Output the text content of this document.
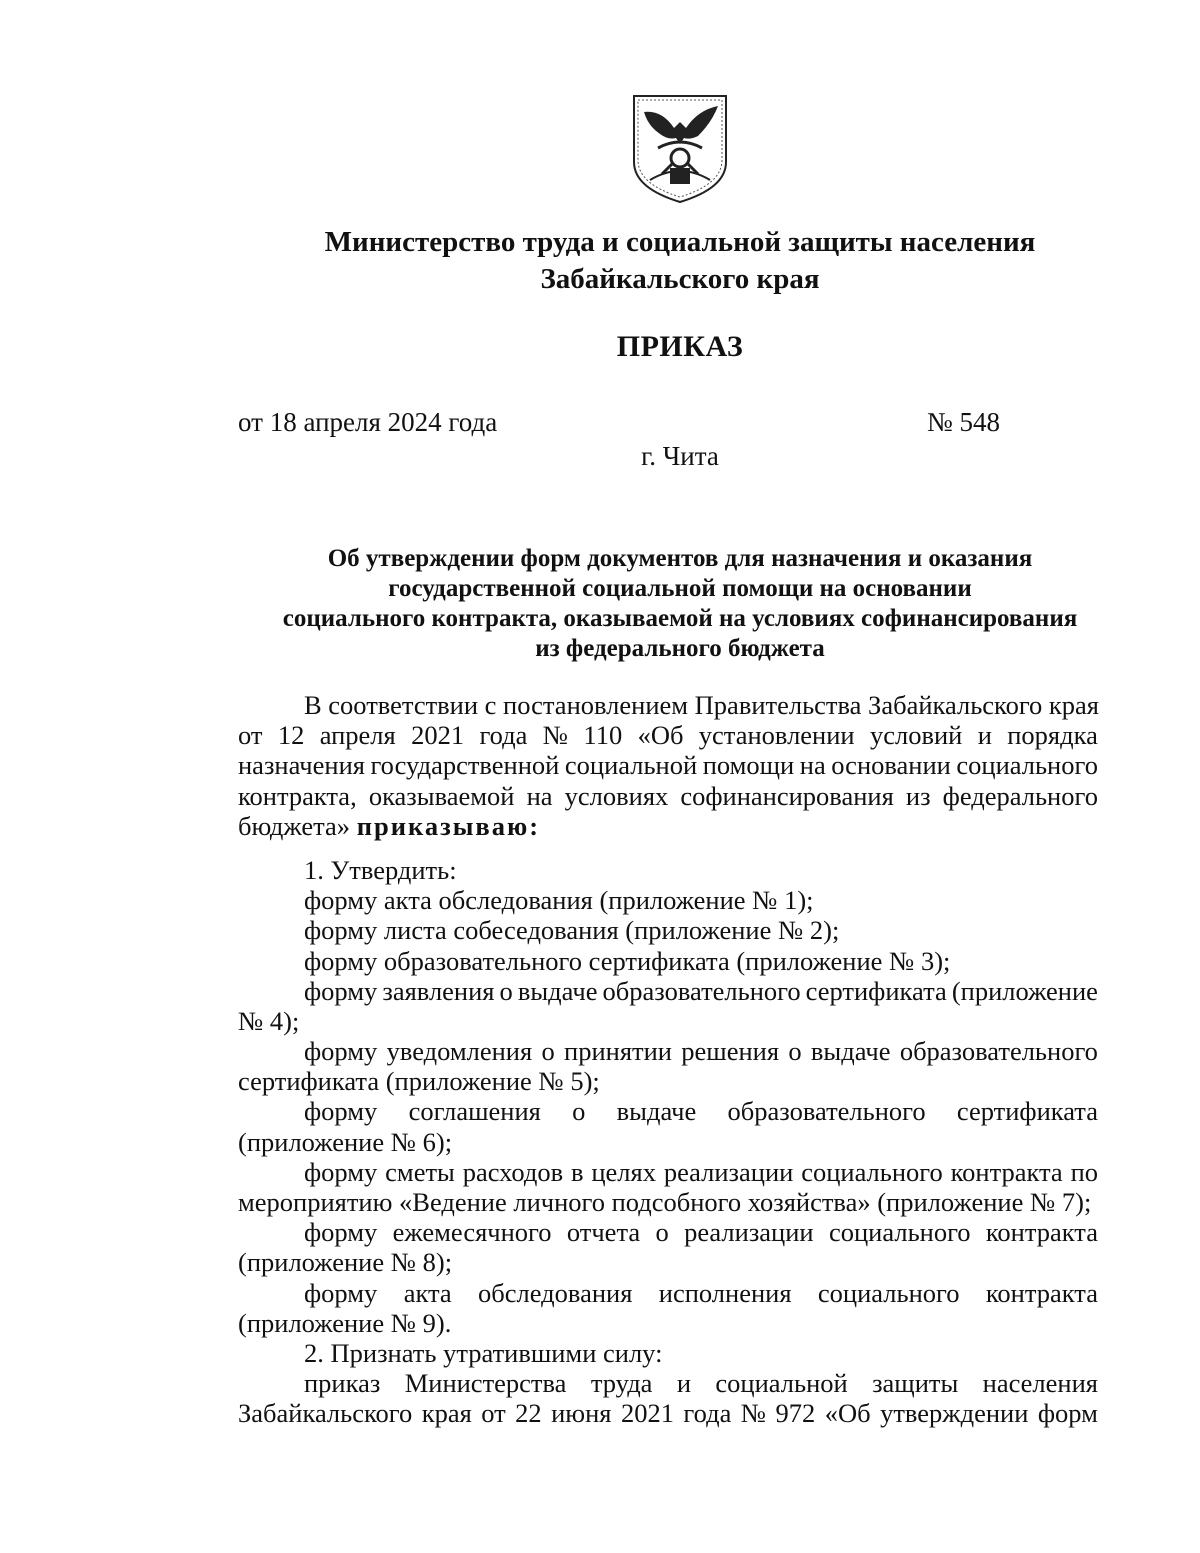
Министерство труда и социальной защиты населения
Забайкальского края
ПРИКАЗ
от 18 апреля 2024 года	№ 548
г. Чита
Об утверждении форм документов для назначения и оказания
государственной социальной помощи на основании
социального контракта, оказываемой на условиях софинансирования
из федерального бюджета
В соответствии с постановлением Правительства Забайкальского края
от 12 апреля 2021 года № 110 «Об установлении условий и порядка
назначения государственной социальной помощи на основании социального
контракта, оказываемой на условиях софинансирования из федерального
бюджета» приказываю:
1. Утвердить:
форму акта обследования (приложение № 1);
форму листа собеседования (приложение № 2);
форму образовательного сертификата (приложение № 3);
форму заявления о выдаче образовательного сертификата (приложение
№ 4);
форму уведомления о принятии решения о выдаче образовательного
сертификата (приложение № 5);
форму соглашения о выдаче образовательного сертификата
(приложение № 6);
форму сметы расходов в целях реализации социального контракта по
мероприятию «Ведение личного подсобного хозяйства» (приложение № 7);
форму ежемесячного отчета о реализации социального контракта
(приложение № 8);
форму акта обследования исполнения социального контракта
(приложение № 9).
2. Признать утратившими силу:
приказ Министерства труда и социальной защиты населения
Забайкальского края от 22 июня 2021 года № 972 «Об утверждении форм
